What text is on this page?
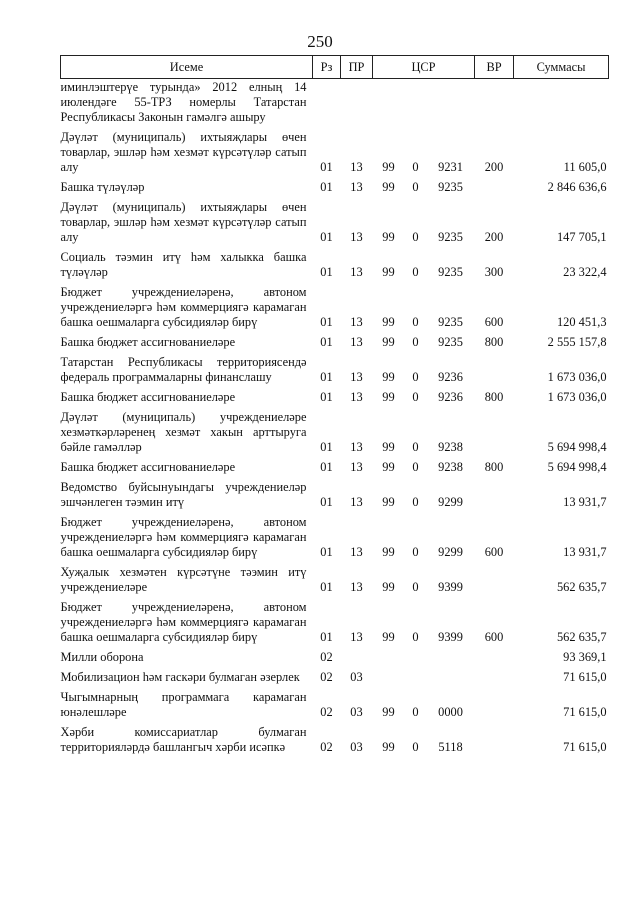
250
Исеме	Рз	ПР	ЦСР			ВР	Суммасы
иминлэштерүе турында» 2012 елның 14 июлендәге 55-ТРЗ номерлы Татарстан Республикасы Законын гамәлгә ашыру							
Дәүләт (муниципаль) ихтыяҗлары өчен товарлар, эшләр һәм хезмәт күрсәтүләр сатып алу	01	13	99	0	9231	200	11 605,0
Башка түләүләр	01	13	99	0	9235		2 846 636,6
Дәүләт (муниципаль) ихтыяҗлары өчен товарлар, эшләр һәм хезмәт күрсәтүләр сатып алу	01	13	99	0	9235	200	147 705,1
Социаль тәэмин итү һәм халыкка башка түләүләр	01	13	99	0	9235	300	23 322,4
Бюджет учреждениеләренә, автоном учреждениеләргә һәм коммерциягә карамаган башка оешмаларга субсидияләр бирү	01	13	99	0	9235	600	120 451,3
Башка бюджет ассигнованиеләре	01	13	99	0	9235	800	2 555 157,8
Татарстан Республикасы территориясендә федераль программаларны финанслашу	01	13	99	0	9236		1 673 036,0
Башка бюджет ассигнованиеләре	01	13	99	0	9236	800	1 673 036,0
Дәүләт (муниципаль) учреждениеләре хезмәткәрләренең хезмәт хакын арттыруга бәйле гамәлләр	01	13	99	0	9238		5 694 998,4
Башка бюджет ассигнованиеләре	01	13	99	0	9238	800	5 694 998,4
Ведомство буйсынуындагы учреждениеләр эшчәнлеген тәэмин итү	01	13	99	0	9299		13 931,7
Бюджет учреждениеләренә, автоном учреждениеләргә һәм коммерциягә карамаган башка оешмаларга субсидияләр бирү	01	13	99	0	9299	600	13 931,7
Хуҗалык хезмәтен күрсәтүне тәэмин итү учреждениеләре	01	13	99	0	9399		562 635,7
Бюджет учреждениеләренә, автоном учреждениеләргә һәм коммерциягә карамаган башка оешмаларга субсидияләр бирү	01	13	99	0	9399	600	562 635,7
Милли оборона	02						93 369,1
Мобилизацион һәм гаскәри булмаган әзерлек	02	03					71 615,0
Чыгымнарның программага карамаган юнәлешләре	02	03	99	0	0000		71 615,0
Хәрби комиссариатлар булмаган территорияләрдә башлангыч хәрби исәпкә	02	03	99	0	5118		71 615,0
